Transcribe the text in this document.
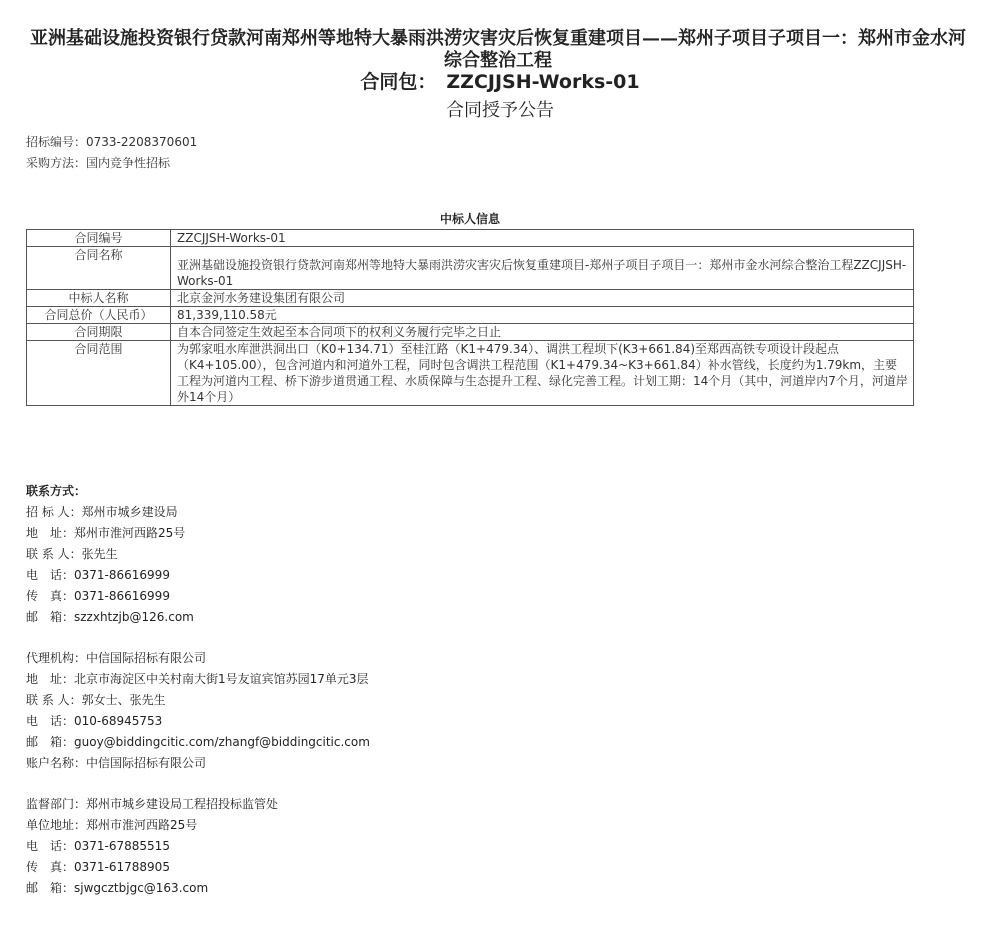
亚洲基础设施投资银行贷款河南郑州等地特大暴雨洪涝灾害灾后恢复重建项目——郑州子项目子项目一：郑州市金水河综合整治工程
合同包： ZZCJJSH-Works-01
合同授予公告
招标编号：0733-2208370601
采购方法：国内竞争性招标
中标人信息
合同编号	ZZCJJSH-Works-01
合同名称	亚洲基础设施投资银行贷款河南郑州等地特大暴雨洪涝灾害灾后恢复重建项目-郑州子项目子项目一：郑州市金水河综合整治工程ZZCJJSH-Works-01
中标人名称	北京金河水务建设集团有限公司
合同总价（人民币）	81,339,110.58元
合同期限	自本合同签定生效起至本合同项下的权利义务履行完毕之日止
合同范围	为郭家咀水库泄洪洞出口（K0+134.71）至桂江路（K1+479.34）、调洪工程坝下(K3+661.84)至郑西高铁专项设计段起点（K4+105.00），包含河道内和河道外工程，同时包含调洪工程范围（K1+479.34~K3+661.84）补水管线，长度约为1.79km，主要工程为河道内工程、桥下游步道贯通工程、水质保障与生态提升工程、绿化完善工程。计划工期：14个月（其中，河道岸内7个月，河道岸外14个月）
联系方式：
招 标 人：郑州市城乡建设局
地　址：郑州市淮河西路25号
联 系 人：张先生
电　话：0371-86616999
传　真：0371-86616999
邮　箱：szzxhtzjb@126.com
代理机构：中信国际招标有限公司
地　址：北京市海淀区中关村南大街1号友谊宾馆苏园17单元3层
联 系 人：郭女士、张先生
电　话：010-68945753
邮　箱：guoy@biddingcitic.com/zhangf@biddingcitic.com
账户名称：中信国际招标有限公司
监督部门：郑州市城乡建设局工程招投标监管处
单位地址：郑州市淮河西路25号
电　话：0371-67885515
传　真：0371-61788905
邮　箱：sjwgcztbjgc@163.com
